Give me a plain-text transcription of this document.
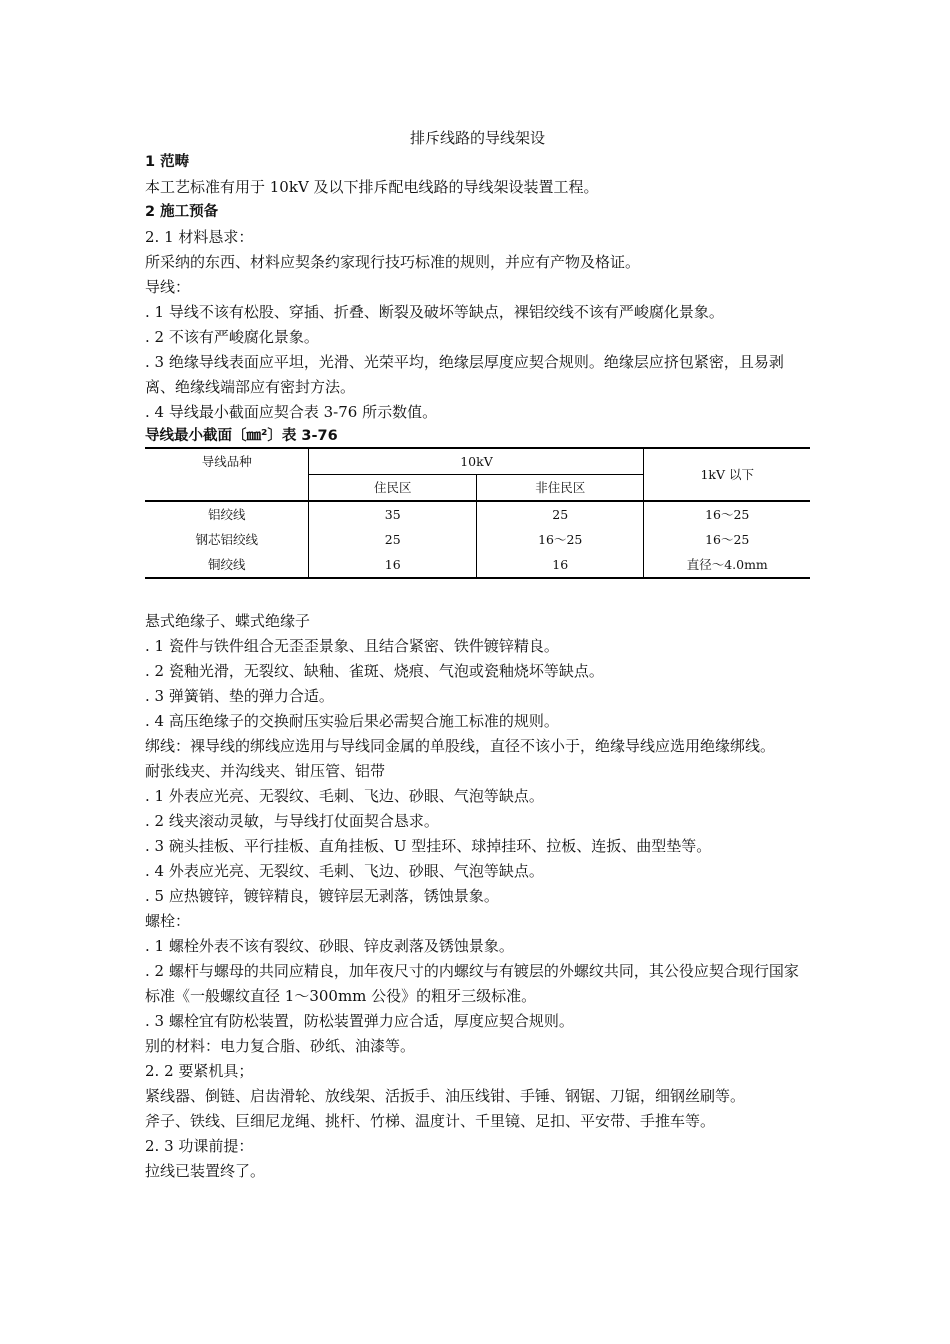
排斥线路的导线架设
1 范畴
本工艺标准有用于 10kV 及以下排斥配电线路的导线架设装置工程。
2 施工预备
2. 1 材料恳求：
所采纳的东西、材料应契条约家现行技巧标准的规则，并应有产物及格证。
导线：
. 1 导线不该有松股、穿插、折叠、断裂及破坏等缺点，裸铝绞线不该有严峻腐化景象。
. 2 不该有严峻腐化景象。
. 3 绝缘导线表面应平坦，光滑、光荣平均，绝缘层厚度应契合规则。绝缘层应挤包紧密，且易剥离、绝缘线端部应有密封方法。
. 4 导线最小截面应契合表 3-76 所示数值。
导线最小截面〔㎜²〕表 3-76
导线品种	10kV		1kV 以下
	住民区	非住民区	
铝绞线	35	25	16～25
钢芯铝绞线	25	16～25	16～25
铜绞线	16	16	直径～4.0mm
悬式绝缘子、蝶式绝缘子
. 1 瓷件与铁件组合无歪歪景象、且结合紧密、铁件镀锌精良。
. 2 瓷釉光滑，无裂纹、缺釉、雀斑、烧痕、气泡或瓷釉烧坏等缺点。
. 3 弹簧销、垫的弹力合适。
. 4 高压绝缘子的交换耐压实验后果必需契合施工标准的规则。
绑线：裸导线的绑线应选用与导线同金属的单股线，直径不该小于，绝缘导线应选用绝缘绑线。
耐张线夹、并沟线夹、钳压管、铝带
. 1 外表应光亮、无裂纹、毛刺、飞边、砂眼、气泡等缺点。
. 2 线夹滚动灵敏，与导线打仗面契合恳求。
. 3 碗头挂板、平行挂板、直角挂板、U 型挂环、球掉挂环、拉板、连扳、曲型垫等。
. 4 外表应光亮、无裂纹、毛刺、飞边、砂眼、气泡等缺点。
. 5 应热镀锌，镀锌精良，镀锌层无剥落，锈蚀景象。
螺栓：
. 1 螺栓外表不该有裂纹、砂眼、锌皮剥落及锈蚀景象。
. 2 螺杆与螺母的共同应精良，加年夜尺寸的内螺纹与有镀层的外螺纹共同，其公役应契合现行国家标准《一般螺纹直径 1～300mm 公役》的粗牙三级标准。
. 3 螺栓宜有防松装置，防松装置弹力应合适，厚度应契合规则。
别的材料：电力复合脂、砂纸、油漆等。
2. 2 要紧机具；
紧线器、倒链、启齿滑轮、放线架、活扳手、油压线钳、手锤、钢锯、刀锯，细钢丝刷等。
斧子、铁线、巨细尼龙绳、挑杆、竹梯、温度计、千里镜、足扣、平安带、手推车等。
2. 3 功课前提：
拉线已装置终了。
